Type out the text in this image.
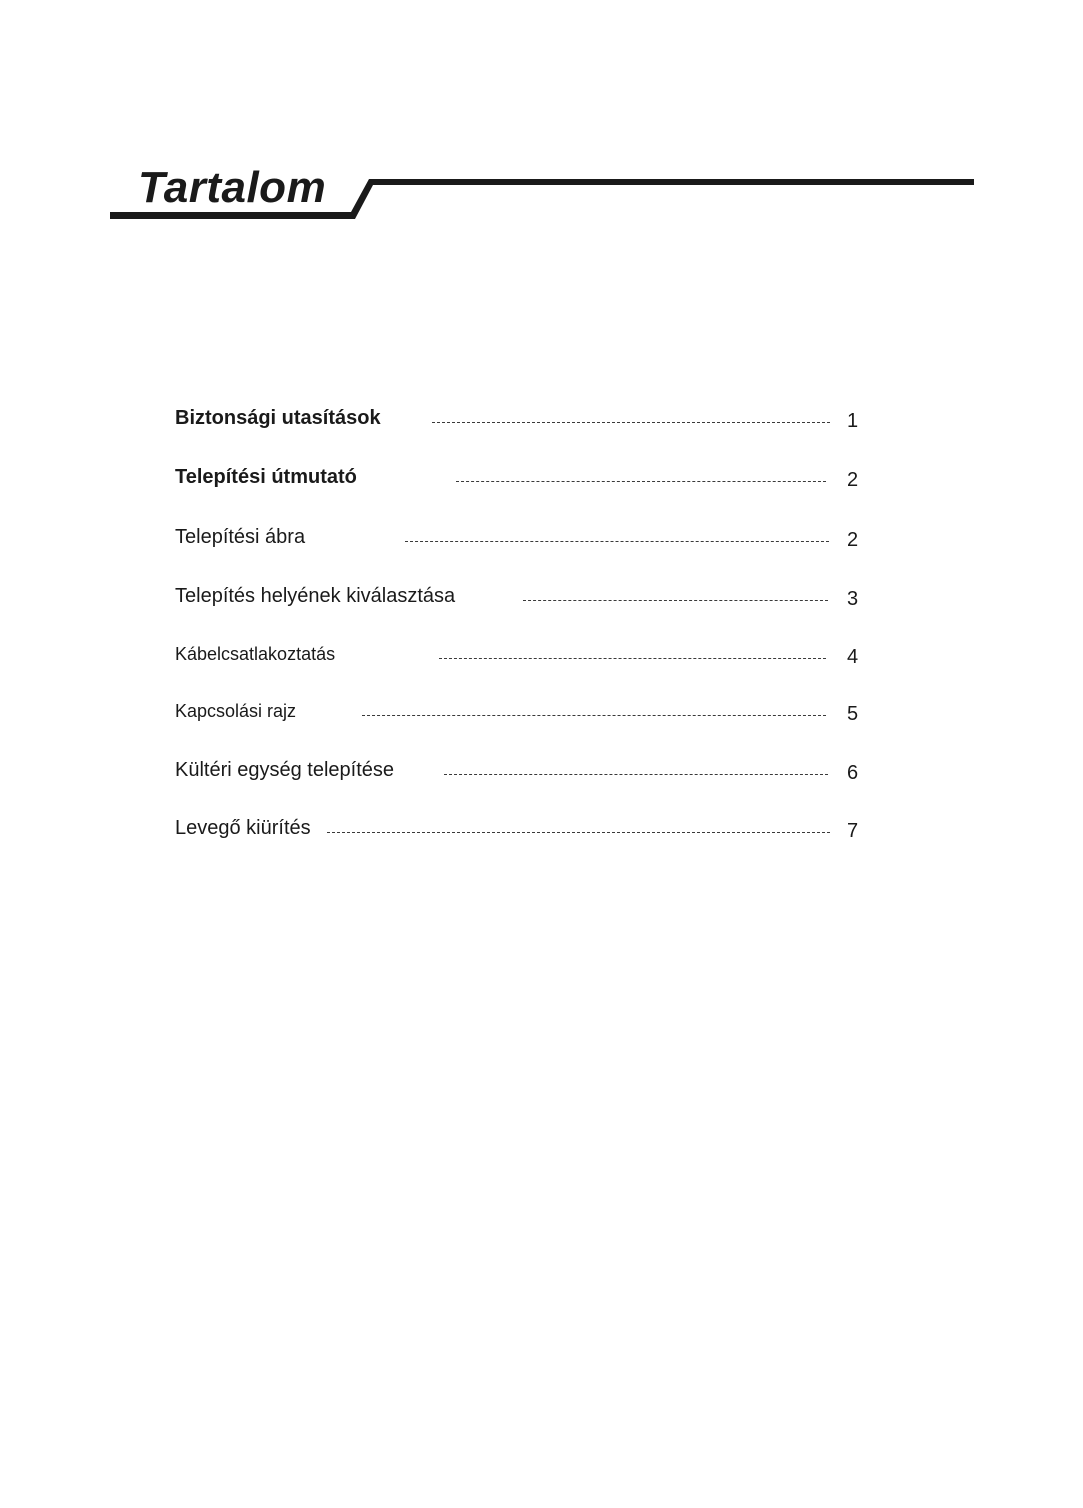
Tartalom
Biztonsági utasítások	1
Telepítési útmutató	2
Telepítési ábra	2
Telepítés helyének kiválasztása	3
Kábelcsatlakoztatás	4
Kapcsolási rajz	5
Kültéri egység telepítése	6
Levegő kiürítés	7
